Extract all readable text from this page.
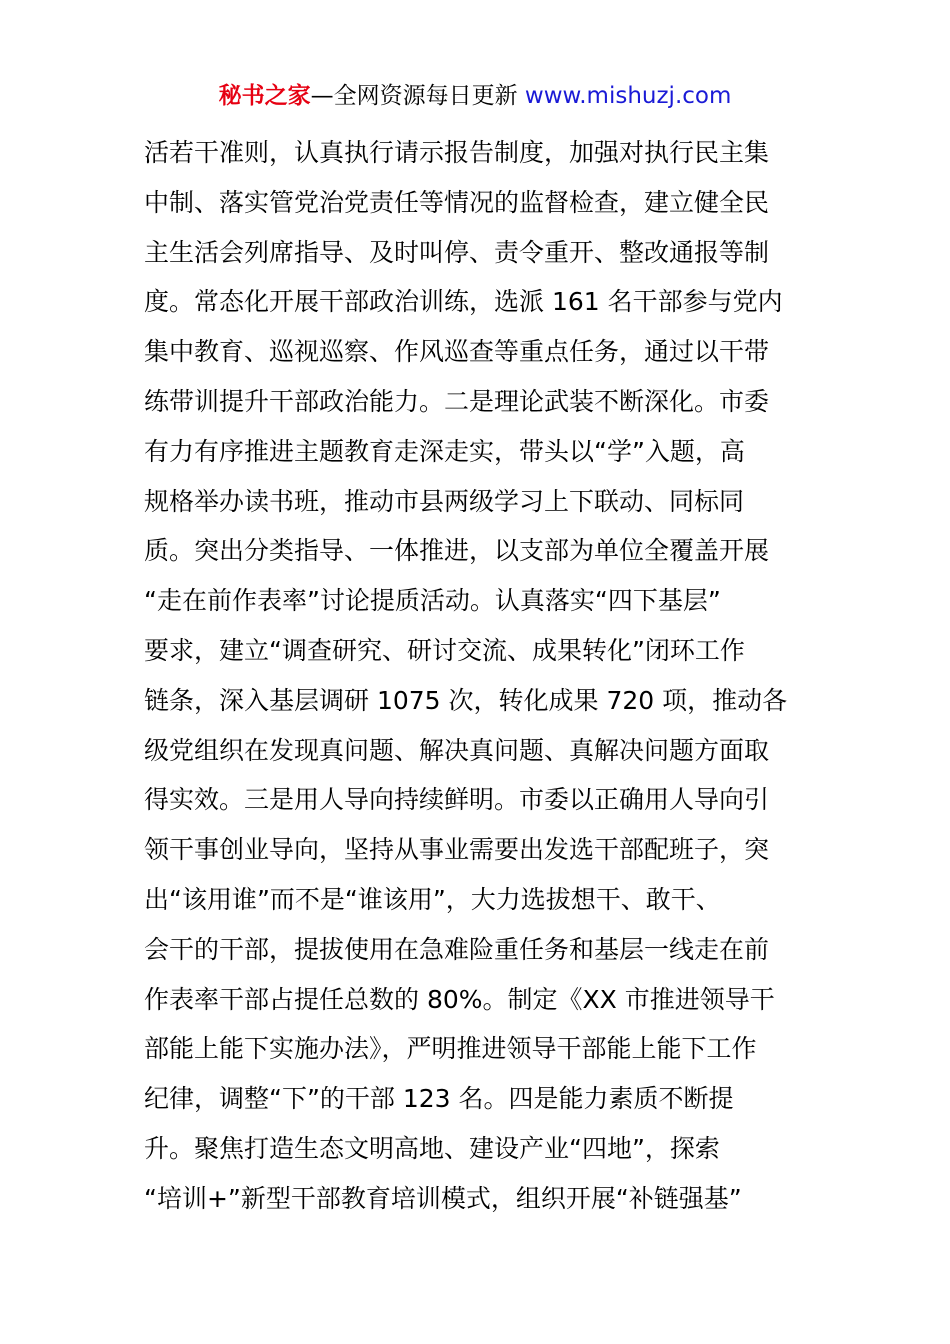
秘书之家—全网资源每日更新 www.mishuzj.com
活若干准则，认真执行请示报告制度，加强对执行民主集
中制、落实管党治党责任等情况的监督检查，建立健全民
主生活会列席指导、及时叫停、责令重开、整改通报等制
度。常态化开展干部政治训练，选派 161 名干部参与党内
集中教育、巡视巡察、作风巡查等重点任务，通过以干带
练带训提升干部政治能力。二是理论武装不断深化。市委
有力有序推进主题教育走深走实，带头以“学”入题，高
规格举办读书班，推动市县两级学习上下联动、同标同
质。突出分类指导、一体推进，以支部为单位全覆盖开展
“走在前作表率”讨论提质活动。认真落实“四下基层”
要求，建立“调查研究、研讨交流、成果转化”闭环工作
链条，深入基层调研 1075 次，转化成果 720 项，推动各
级党组织在发现真问题、解决真问题、真解决问题方面取
得实效。三是用人导向持续鲜明。市委以正确用人导向引
领干事创业导向，坚持从事业需要出发选干部配班子，突
出“该用谁”而不是“谁该用”，大力选拔想干、敢干、
会干的干部，提拔使用在急难险重任务和基层一线走在前
作表率干部占提任总数的 80%。制定《XX 市推进领导干
部能上能下实施办法》，严明推进领导干部能上能下工作
纪律，调整“下”的干部 123 名。四是能力素质不断提
升。聚焦打造生态文明高地、建设产业“四地”，探索
“培训+”新型干部教育培训模式，组织开展“补链强基”
